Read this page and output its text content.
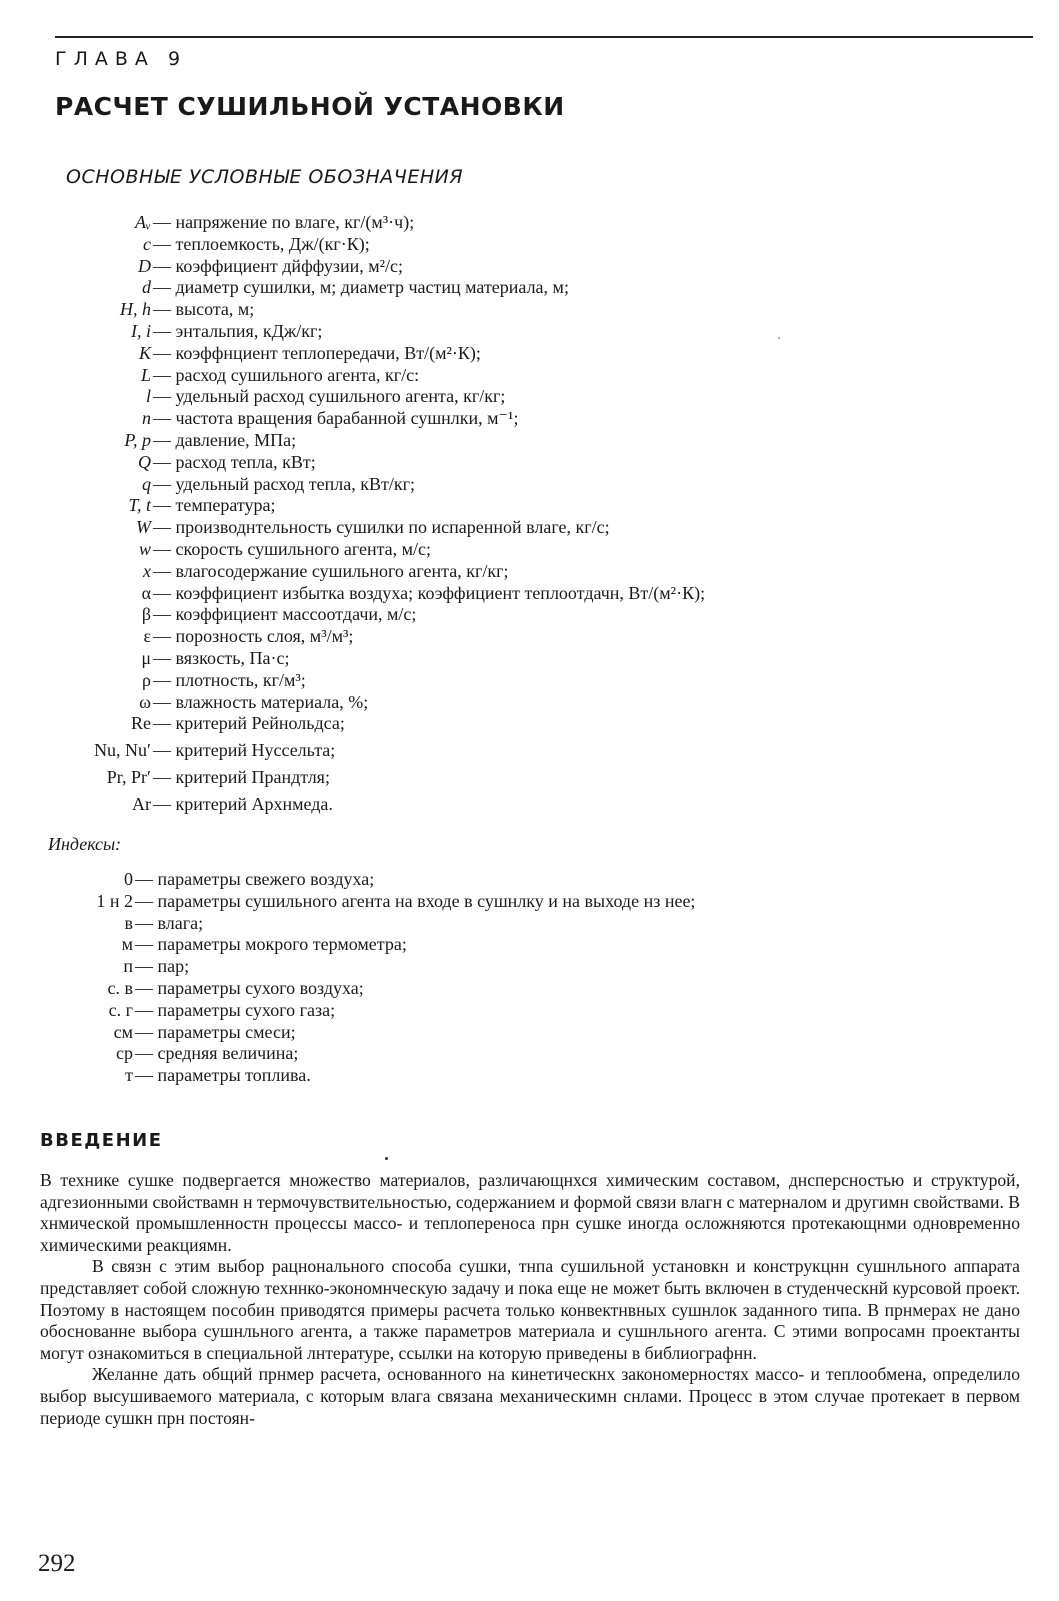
ГЛАВА 9
РАСЧЕТ СУШИЛЬНОЙ УСТАНОВКИ
ОСНОВНЫЕ УСЛОВНЫЕ ОБОЗНАЧЕНИЯ
Aᵥ — напряжение по влаге, кг/(м³·ч);
c — теплоемкость, Дж/(кг·К);
D — коэффициент дйффузии, м²/с;
d — диаметр сушилки, м; диаметр частиц материала, м;
H, h — высота, м;
I, i — энтальпия, кДж/кг;
K — коэффнциент теплопередачи, Вт/(м²·К);
L — расход сушильного агента, кг/с:
l — удельный расход сушильного агента, кг/кг;
n — частота вращения барабанной сушнлки, м⁻¹;
P, p — давление, МПа;
Q — расход тепла, кВт;
q — удельный расход тепла, кВт/кг;
T, t — температура;
W — производнтельность сушилки по испаренной влаге, кг/с;
w — скорость сушильного агента, м/с;
x — влагосодержание сушильного агента, кг/кг;
α — коэффициент избытка воздуха; коэффициент теплоотдачн, Вт/(м²·К);
β — коэффициент массоотдачи, м/с;
ε — порозность слоя, м³/м³;
μ — вязкость, Па·с;
ρ — плотность, кг/м³;
ω — влажность материала, %;
Re — критерий Рейнольдса;
Nu, Nu′ — критерий Нуссельта;
Pr, Pr′ — критерий Прандтля;
Ar — критерий Архнмеда.
Индексы:
0 — параметры свежего воздуха;
1 н 2 — параметры сушильного агента на входе в сушнлку и на выходе нз нее;
в — влага;
м — параметры мокрого термометра;
п — пар;
с. в — параметры сухого воздуха;
с. г — параметры сухого газа;
см — параметры смеси;
ср — средняя величина;
т — параметры топлива.
ВВЕДЕНИЕ

В технике сушке подвергается множество материалов, различающнхся химическим составом, днсперсностью и структурой, адгезионными свойствамн н термочувствительностью, содержанием и формой связи влагн с матерналом и другимн свойствами. В хнмической промышленностн процессы массо- и теплопереноса прн сушке иногда осложняются протекающнми одновременно химическими реакциямн.

В связн с этим выбор рацнонального способа сушки, тнпа сушильной установкн и конструкцнн сушнльного аппарата представляет собой сложную техннко-экономнческую задачу и пока еще не может быть включен в студенческнй курсовой проект. Поэтому в настоящем пособин приводятся примеры расчета только конвектнвных сушнлок заданного типа. В прнмерах не дано обоснованне выбора сушнльного агента, а также параметров материала и сушнльного агента. С этими вопросамн проектанты могут ознакомиться в специальной лнтературе, ссылки на которую приведены в библиографнн.

Желанне дать общий прнмер расчета, основанного на кинетическнх закономерностях массо- и теплообмена, определило выбор высушиваемого материала, с которым влага связана механическимн снлами. Процесс в этом случае протекает в первом периоде сушкн прн постоян-

292
